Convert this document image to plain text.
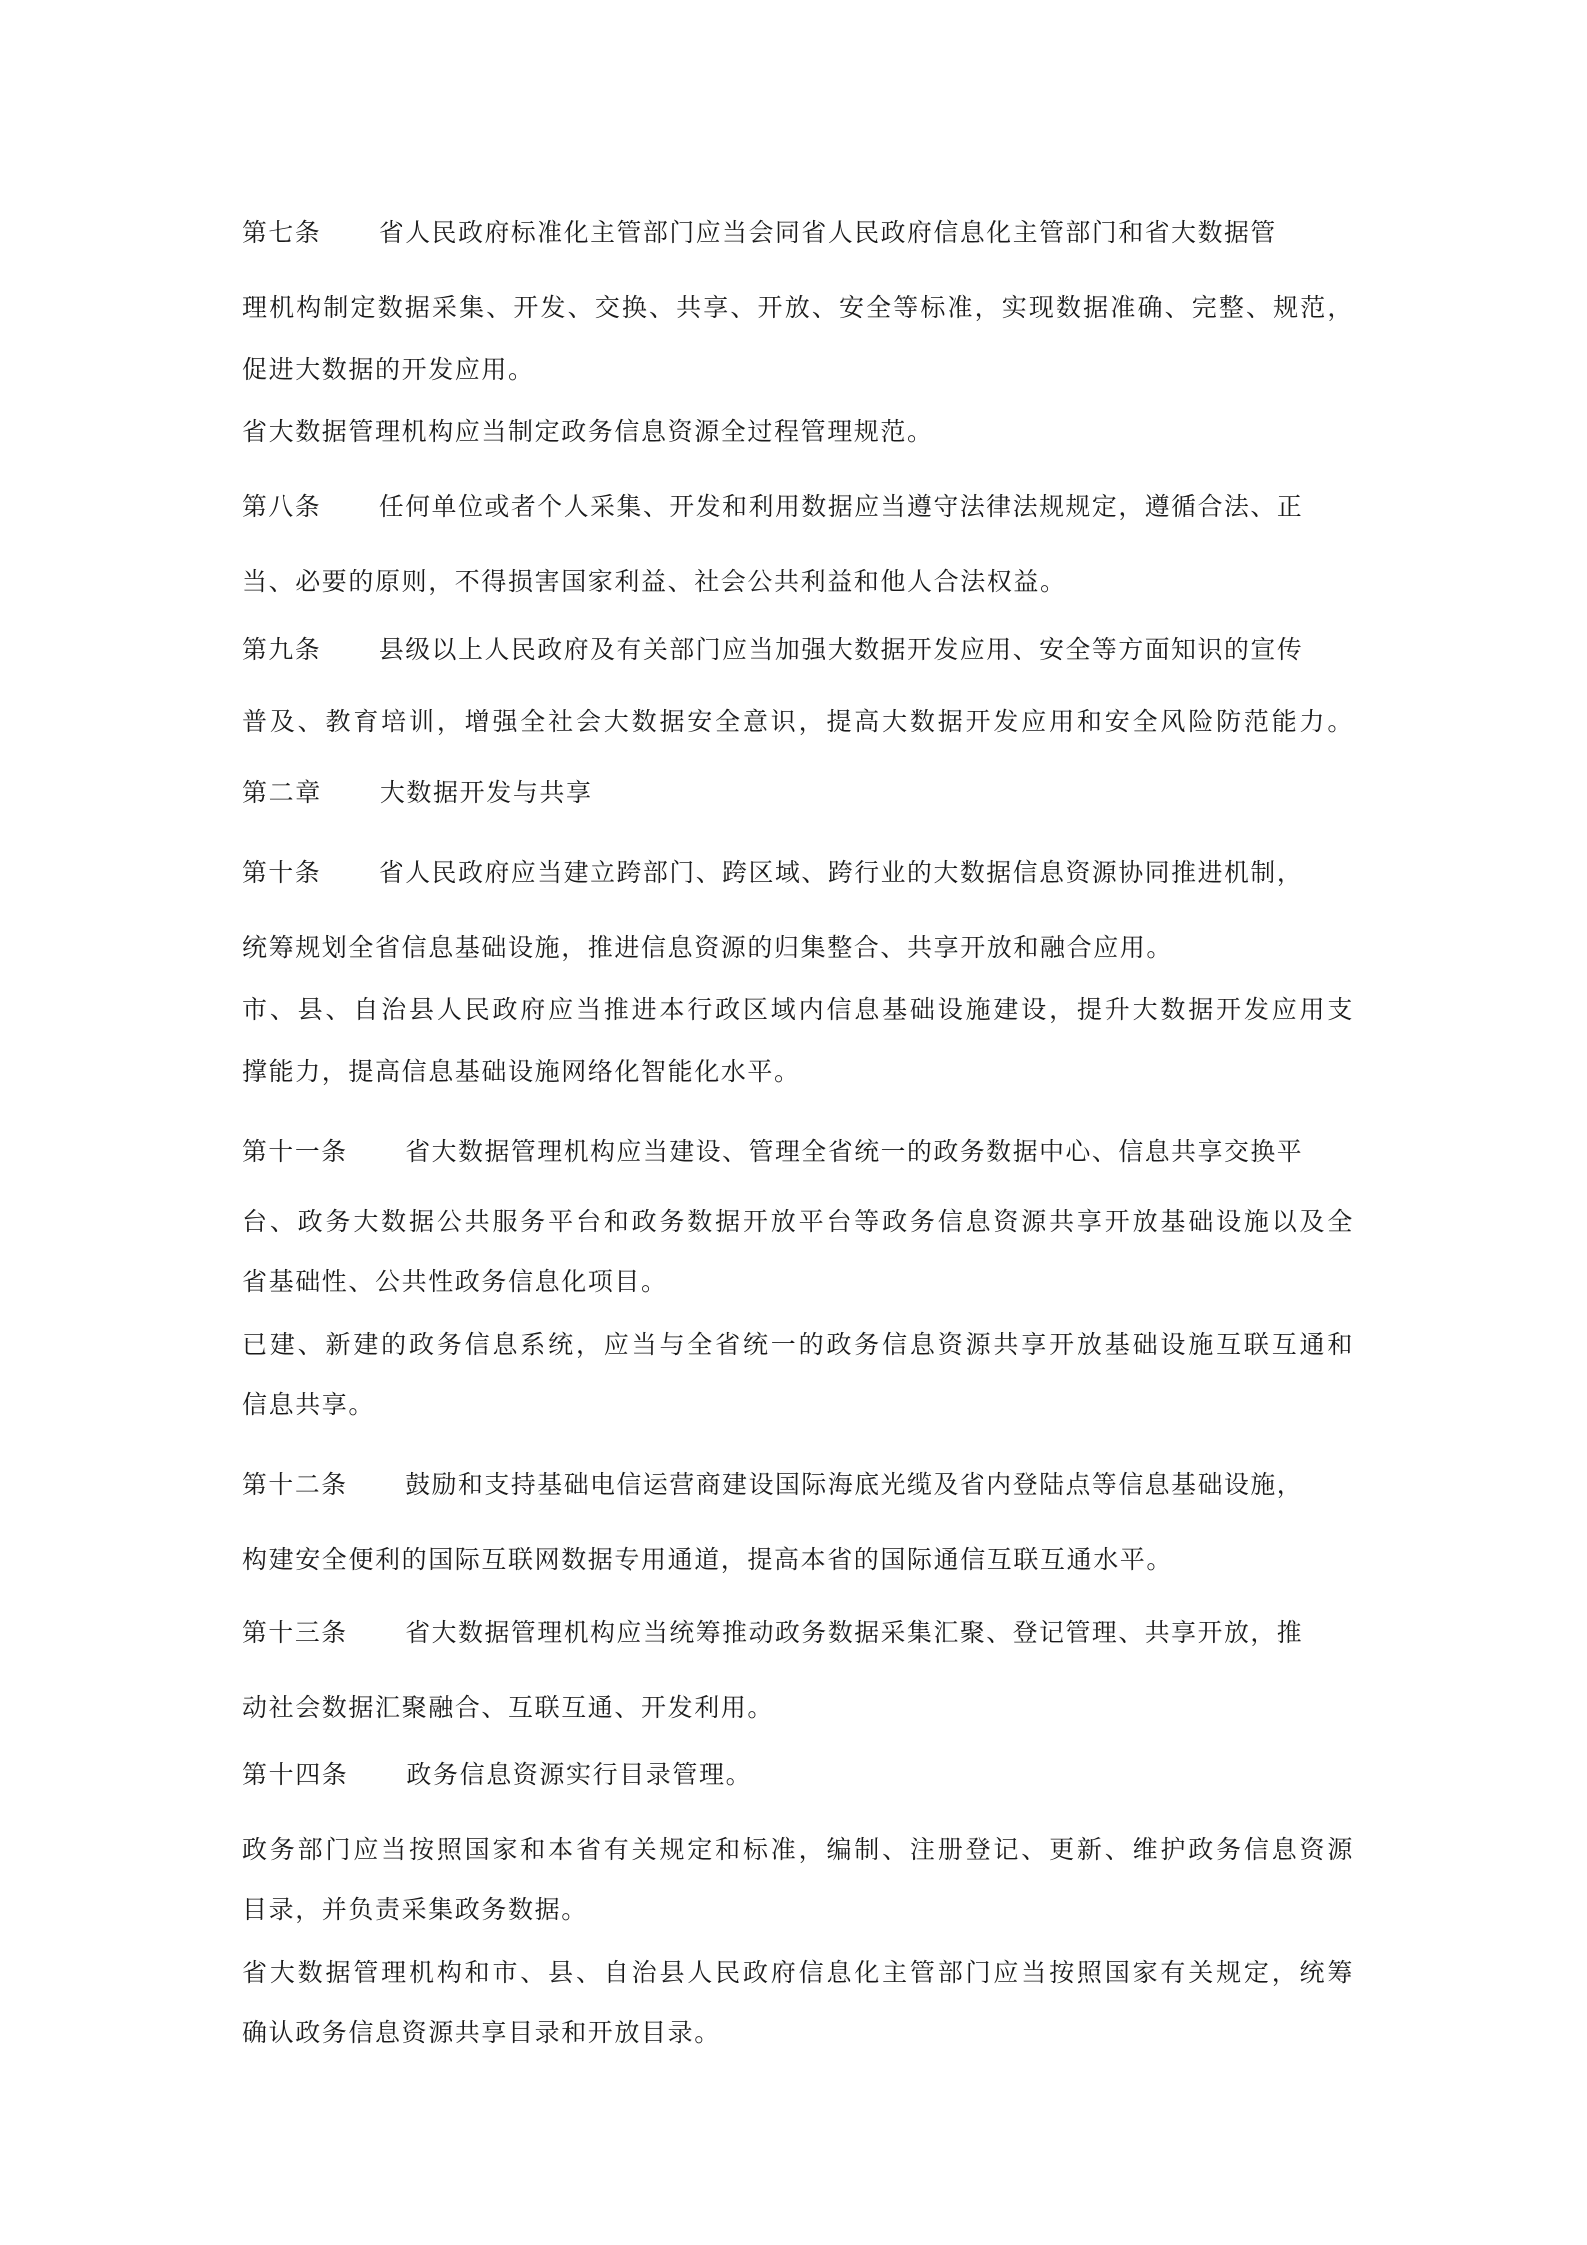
第七条 省人民政府标准化主管部门应当会同省人民政府信息化主管部门和省大数据管
理机构制定数据采集、开发、交换、共享、开放、安全等标准，实现数据准确、完整、规范，
促进大数据的开发应用。
省大数据管理机构应当制定政务信息资源全过程管理规范。
第八条 任何单位或者个人采集、开发和利用数据应当遵守法律法规规定，遵循合法、正
当、必要的原则，不得损害国家利益、社会公共利益和他人合法权益。
第九条 县级以上人民政府及有关部门应当加强大数据开发应用、安全等方面知识的宣传
普及、教育培训，增强全社会大数据安全意识，提高大数据开发应用和安全风险防范能力。
第二章 大数据开发与共享
第十条 省人民政府应当建立跨部门、跨区域、跨行业的大数据信息资源协同推进机制，
统筹规划全省信息基础设施，推进信息资源的归集整合、共享开放和融合应用。
市、县、自治县人民政府应当推进本行政区域内信息基础设施建设，提升大数据开发应用支
撑能力，提高信息基础设施网络化智能化水平。
第十一条 省大数据管理机构应当建设、管理全省统一的政务数据中心、信息共享交换平
台、政务大数据公共服务平台和政务数据开放平台等政务信息资源共享开放基础设施以及全
省基础性、公共性政务信息化项目。
已建、新建的政务信息系统，应当与全省统一的政务信息资源共享开放基础设施互联互通和
信息共享。
第十二条 鼓励和支持基础电信运营商建设国际海底光缆及省内登陆点等信息基础设施，
构建安全便利的国际互联网数据专用通道，提高本省的国际通信互联互通水平。
第十三条 省大数据管理机构应当统筹推动政务数据采集汇聚、登记管理、共享开放，推
动社会数据汇聚融合、互联互通、开发利用。
第十四条 政务信息资源实行目录管理。
政务部门应当按照国家和本省有关规定和标准，编制、注册登记、更新、维护政务信息资源
目录，并负责采集政务数据。
省大数据管理机构和市、县、自治县人民政府信息化主管部门应当按照国家有关规定，统筹
确认政务信息资源共享目录和开放目录。
